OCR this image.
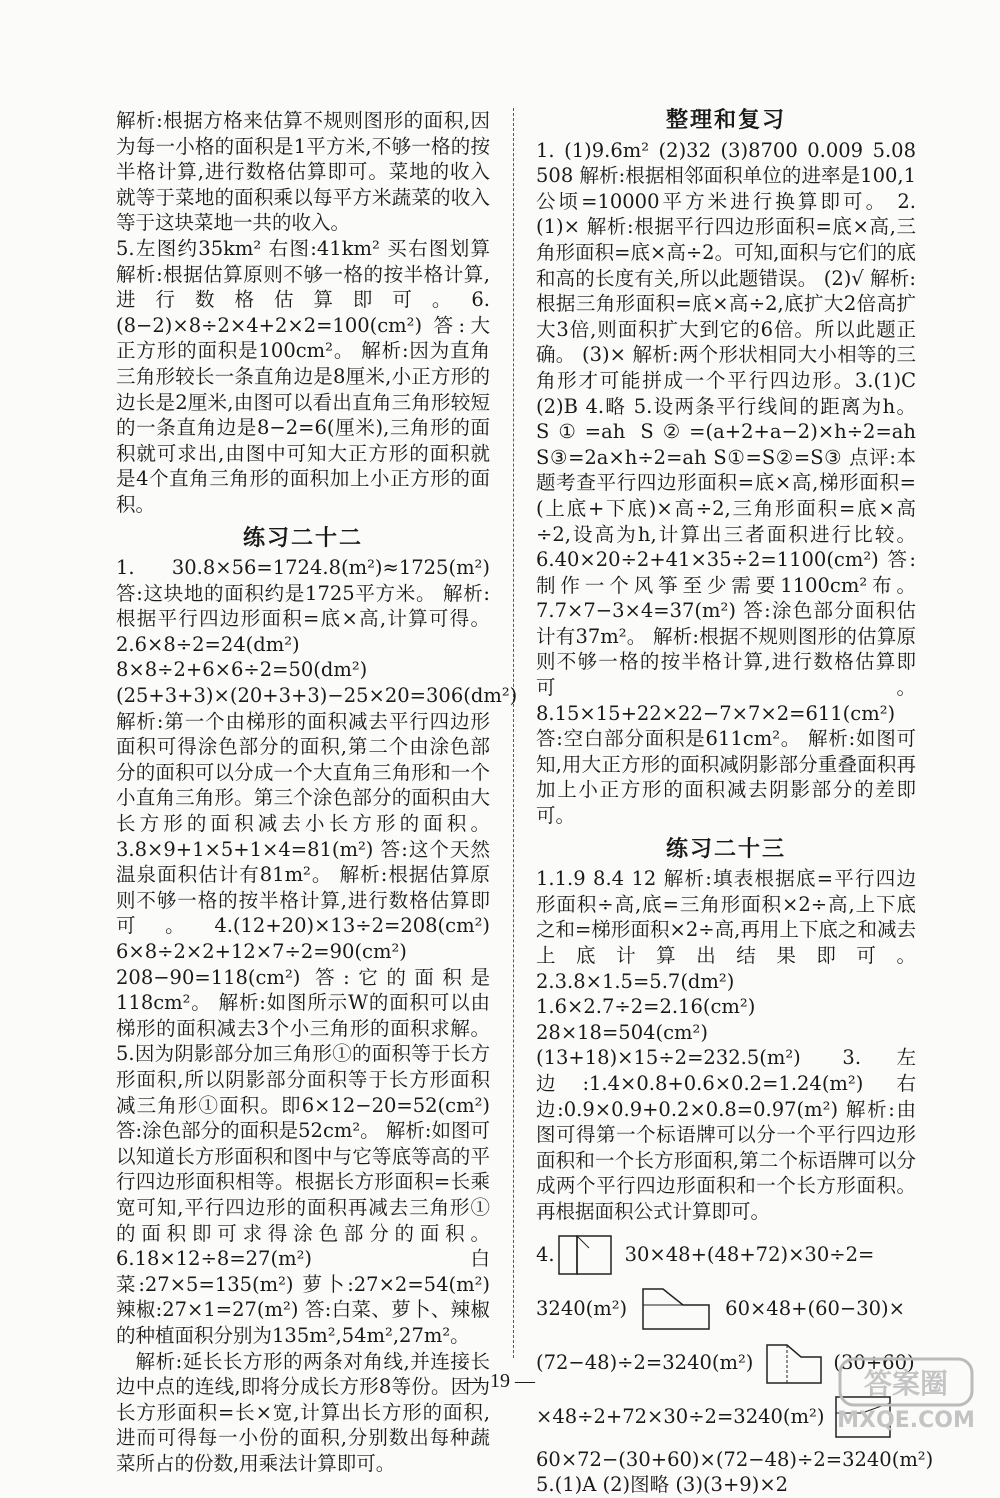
解析:根据方格来估算不规则图形的面积,因为每一小格的面积是1平方米,不够一格的按半格计算,进行数格估算即可。菜地的收入就等于菜地的面积乘以每平方米蔬菜的收入等于这块菜地一共的收入。

5.左图约35km² 右图:41km² 买右图划算 解析:根据估算原则不够一格的按半格计算,进行数格估算即可。6.(8−2)×8÷2×4+2×2=100(cm²) 答:大正方形的面积是100cm²。 解析:因为直角三角形较长一条直角边是8厘米,小正方形的边长是2厘米,由图可以看出直角三角形较短的一条直角边是8−2=6(厘米),三角形的面积就可求出,由图中可知大正方形的面积就是4个直角三角形的面积加上小正方形的面积。

练习二十二

1. 30.8×56=1724.8(m²)≈1725(m²) 答:这块地的面积约是1725平方米。 解析:根据平行四边形面积=底×高,计算可得。2.6×8÷2=24(dm²) 8×8÷2+6×6÷2=50(dm²) (25+3+3)×(20+3+3)−25×20=306(dm²) 解析:第一个由梯形的面积减去平行四边形面积可得涂色部分的面积,第二个由涂色部分的面积可以分成一个大直角三角形和一个小直角三角形。第三个涂色部分的面积由大长方形的面积减去小长方形的面积。 3.8×9+1×5+1×4=81(m²) 答:这个天然温泉面积估计有81m²。 解析:根据估算原则不够一格的按半格计算,进行数格估算即可。4.(12+20)×13÷2=208(cm²) 6×8÷2×2+12×7÷2=90(cm²) 208−90=118(cm²) 答:它的面积是118cm²。 解析:如图所示W的面积可以由梯形的面积减去3个小三角形的面积求解。 5.因为阴影部分加三角形①的面积等于长方形面积,所以阴影部分面积等于长方形面积减三角形①面积。即6×12−20=52(cm²) 答:涂色部分的面积是52cm²。 解析:如图可以知道长方形面积和图中与它等底等高的平行四边形面积相等。根据长方形面积=长乘宽可知,平行四边形的面积再减去三角形①的面积即可求得涂色部分的面积。 6.18×12÷8=27(m²) 白菜:27×5=135(m²) 萝卜:27×2=54(m²) 辣椒:27×1=27(m²) 答:白菜、萝卜、辣椒的种植面积分别为135m²,54m²,27m²。

解析:延长长方形的两条对角线,并连接长边中点的连线,即将分成长方形8等份。因为长方形面积=长×宽,计算出长方形的面积,进而可得每一小份的面积,分别数出每种蔬菜所占的份数,用乘法计算即可。

整理和复习

1. (1)9.6m² (2)32 (3)8700 0.009 5.08 508 解析:根据相邻面积单位的进率是100,1公顷=10000平方米进行换算即可。 2.(1)× 解析:根据平行四边形面积=底×高,三角形面积=底×高÷2。可知,面积与它们的底和高的长度有关,所以此题错误。 (2)√ 解析:根据三角形面积=底×高÷2,底扩大2倍高扩大3倍,则面积扩大到它的6倍。所以此题正确。 (3)× 解析:两个形状相同大小相等的三角形才可能拼成一个平行四边形。3.(1)C (2)B 4.略 5.设两条平行线间的距离为h。S①=ah S②=(a+2+a−2)×h÷2=ah S③=2a×h÷2=ah S①=S②=S③ 点评:本题考查平行四边形面积=底×高,梯形面积=(上底+下底)×高÷2,三角形面积=底×高÷2,设高为h,计算出三者面积进行比较。 6.40×20÷2+41×35÷2=1100(cm²) 答:制作一个风筝至少需要1100cm²布。 7.7×7−3×4=37(m²) 答:涂色部分面积估计有37m²。 解析:根据不规则图形的估算原则不够一格的按半格计算,进行数格估算即可。 8.15×15+22×22−7×7×2=611(cm²) 答:空白部分面积是611cm²。 解析:如图可知,用大正方形的面积减阴影部分重叠面积再加上小正方形的面积减去阴影部分的差即可。

练习二十三

1.1.9 8.4 12 解析:填表根据底=平行四边形面积÷高,底=三角形面积×2÷高,上下底之和=梯形面积×2÷高,再用上下底之和减去上底计算出结果即可。 2.3.8×1.5=5.7(dm²) 1.6×2.7÷2=2.16(cm²) 28×18=504(cm²) (13+18)×15÷2=232.5(m²) 3.左边:1.4×0.8+0.6×0.2=1.24(m²) 右边:0.9×0.9+0.2×0.8=0.97(m²) 解析:由图可得第一个标语牌可以分一个平行四边形面积和一个长方形面积,第二个标语牌可以分成两个平行四边形面积和一个长方形面积。再根据面积公式计算即可。

4.	30×48+(48+72)×30÷2=
3240(m²)	60×48+(60−30)×
(72−48)÷2=3240(m²)	(30+60)
×48÷2+72×30÷2=3240(m²)

60×72−(30+60)×(72−48)÷2=3240(m²) 5.(1)A (2)图略 (3)(3+9)×2

— 19 —	答案圈
MXQE.COM
